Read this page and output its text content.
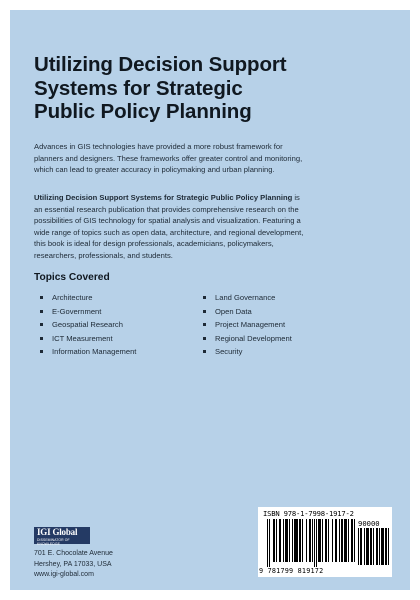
Utilizing Decision Support
Systems for Strategic
Public Policy Planning
Advances in GIS technologies have provided a more robust framework for
planners and designers. These frameworks offer greater control and monitoring,
which can lead to greater accuracy in policymaking and urban planning.
Utilizing Decision Support Systems for Strategic Public Policy Planning is
an essential research publication that provides comprehensive research on the
possibilities of GIS technology for spatial analysis and visualization. Featuring a
wide range of topics such as open data, architecture, and regional development,
this book is ideal for design professionals, academicians, policymakers,
researchers, professionals, and students.
Topics Covered
Architecture
E-Government
Geospatial Research
ICT Measurement
Information Management
Land Governance
Open Data
Project Management
Regional Development
Security
IGI Global
DISSEMINATOR OF KNOWLEDGE
701 E. Chocolate Avenue
Hershey, PA 17033, USA
www.igi-global.com
ISBN 978-1-7998-1917-2
90000
9 781799 819172
